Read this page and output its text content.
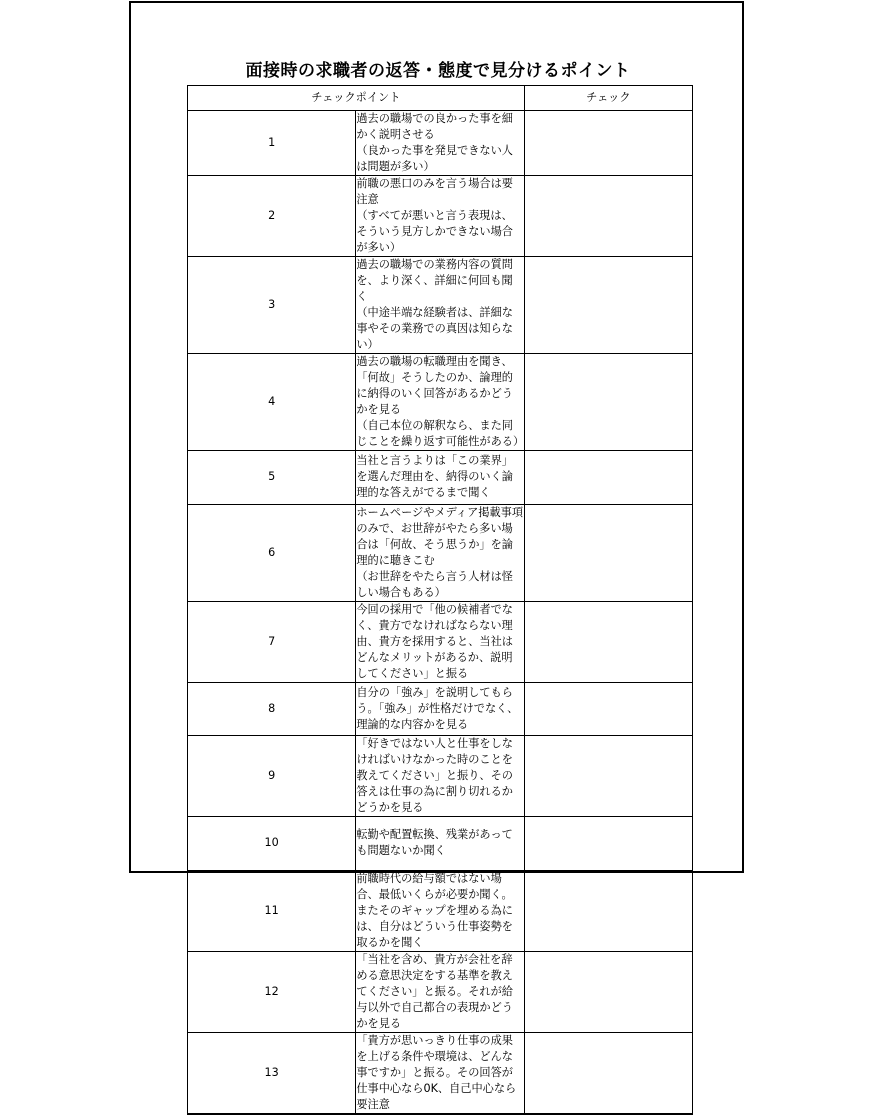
面接時の求職者の返答・態度で見分けるポイント
チェックポイント		チェック
1	過去の職場での良かった事を細かく説明させる
（良かった事を発見できない人は問題が多い）	
2	前職の悪口のみを言う場合は要注意
（すべてが悪いと言う表現は、そういう見方しかできない場合が多い）	
3	過去の職場での業務内容の質問を、より深く、詳細に何回も聞く
（中途半端な経験者は、詳細な事やその業務での真因は知らない）	
4	過去の職場の転職理由を聞き、「何故」そうしたのか、論理的に納得のいく回答があるかどうかを見る
（自己本位の解釈なら、また同じことを繰り返す可能性がある）	
5	当社と言うよりは「この業界」を選んだ理由を、納得のいく論理的な答えがでるまで聞く	
6	ホームページやメディア掲載事項のみで、お世辞がやたら多い場合は「何故、そう思うか」を論理的に聴きこむ
（お世辞をやたら言う人材は怪しい場合もある）	
7	今回の採用で「他の候補者でなく、貴方でなければならない理由、貴方を採用すると、当社はどんなメリットがあるか、説明してください」と振る	
8	自分の「強み」を説明してもらう。「強み」が性格だけでなく、理論的な内容かを見る	
9	「好きではない人と仕事をしなければいけなかった時のことを教えてください」と振り、その答えは仕事の為に割り切れるかどうかを見る	
10	転勤や配置転換、残業があっても問題ないか聞く	
11	前職時代の給与額ではない場合、最低いくらが必要か聞く。またそのギャップを埋める為には、自分はどういう仕事姿勢を取るかを聞く	
12	「当社を含め、貴方が会社を辞める意思決定をする基準を教えてください」と振る。それが給与以外で自己都合の表現かどうかを見る	
13	「貴方が思いっきり仕事の成果を上げる条件や環境は、どんな事ですか」と振る。その回答が仕事中心なら0K、自己中心なら要注意	
